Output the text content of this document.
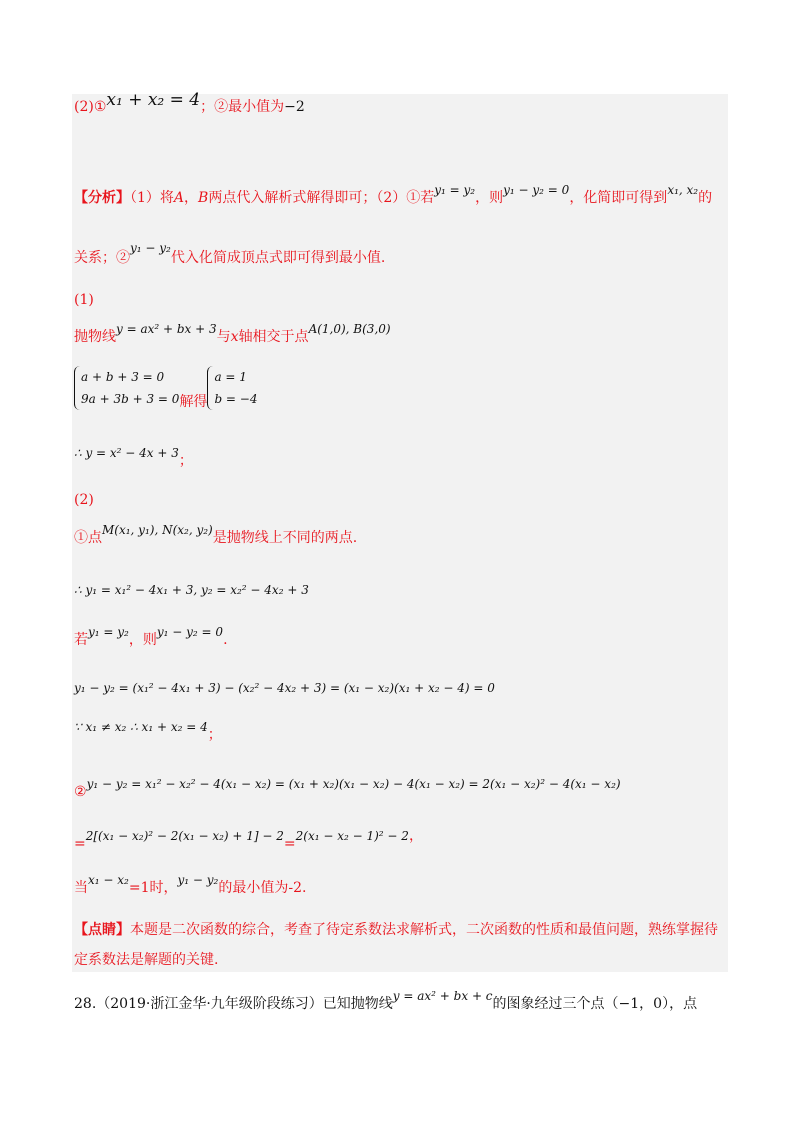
(2)①x₁ + x₂ = 4；②最小值为−2
【分析】（1）将A，B两点代入解析式解得即可；（2）①若y₁ = y₂，则y₁ − y₂ = 0，化简即可得到x₁, x₂的
关系；②y₁ − y₂代入化简成顶点式即可得到最小值.
(1)
抛物线y = ax² + bx + 3与x轴相交于点A(1,0), B(3,0)
a + b + 3 = 0
9a + 3b + 3 = 0 解得
a = 1
b = −4
∴ y = x² − 4x + 3；
(2)
①点M(x₁, y₁), N(x₂, y₂)是抛物线上不同的两点.
∴ y₁ = x₁² − 4x₁ + 3, y₂ = x₂² − 4x₂ + 3
若y₁ = y₂，则y₁ − y₂ = 0.
y₁ − y₂ = (x₁² − 4x₁ + 3) − (x₂² − 4x₂ + 3) = (x₁ − x₂)(x₁ + x₂ − 4) = 0
∵ x₁ ≠ x₂ ∴ x₁ + x₂ = 4；
②y₁ − y₂ = x₁² − x₂² − 4(x₁ − x₂) = (x₁ + x₂)(x₁ − x₂) − 4(x₁ − x₂) = 2(x₁ − x₂)² − 4(x₁ − x₂)
=2[(x₁ − x₂)² − 2(x₁ − x₂) + 1] − 2=2(x₁ − x₂ − 1)² − 2，
当x₁ − x₂=1时，y₁ − y₂的最小值为-2.
【点睛】本题是二次函数的综合，考查了待定系数法求解析式，二次函数的性质和最值问题，熟练掌握待
定系数法是解题的关键.
28.（2019·浙江金华·九年级阶段练习）已知抛物线y = ax² + bx + c的图象经过三个点（−1，0），点
